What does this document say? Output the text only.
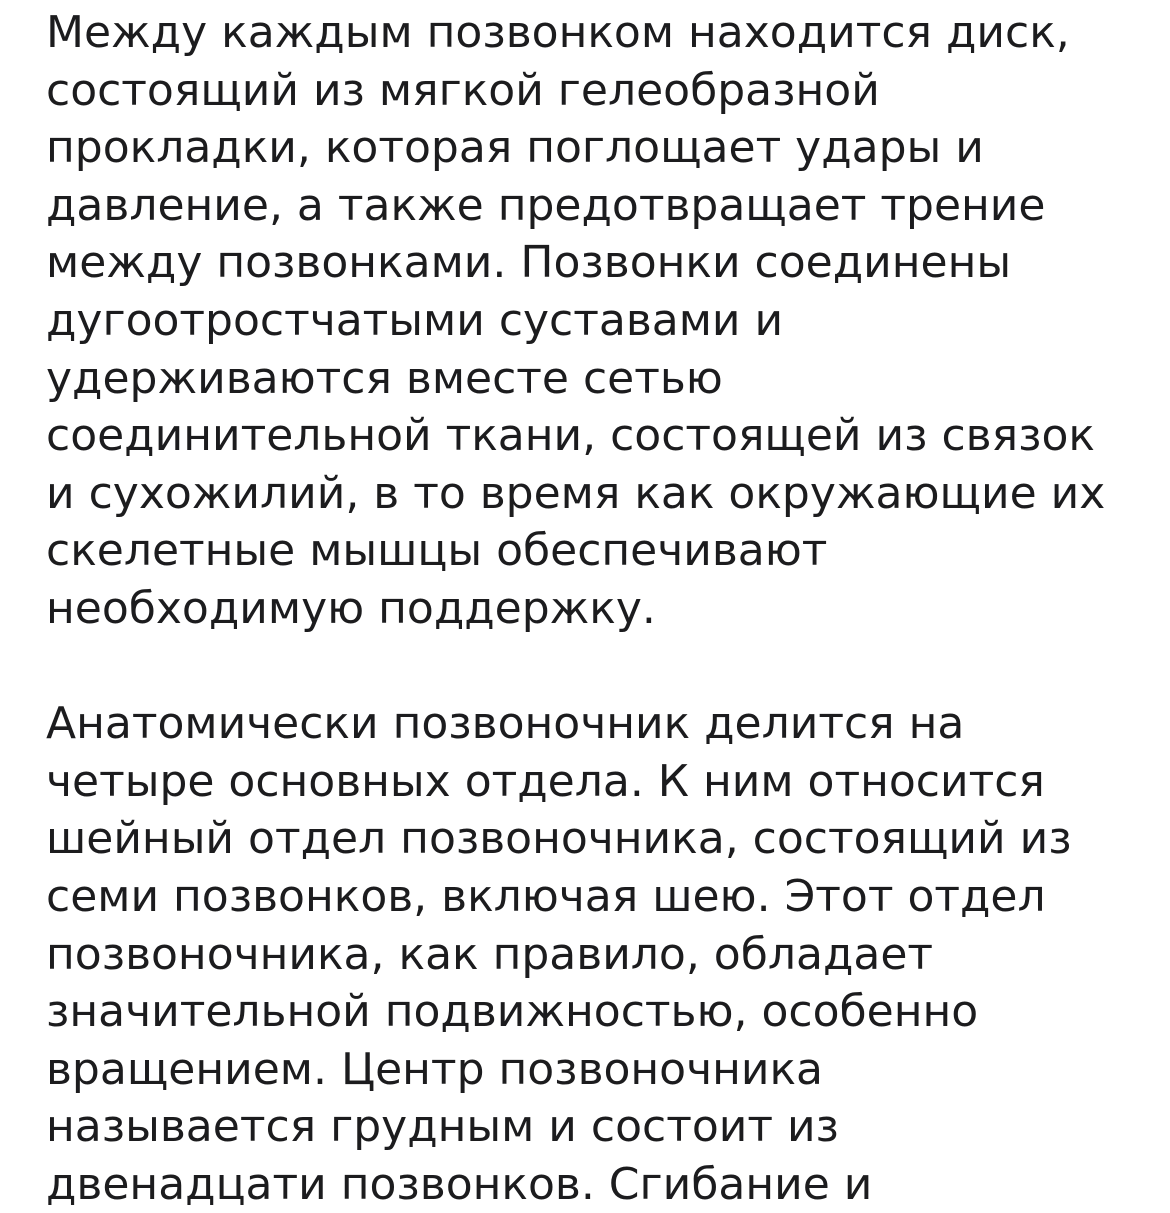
Между каждым позвонком находится диск,
состоящий из мягкой гелеобразной
прокладки, которая поглощает удары и
давление, а также предотвращает трение
между позвонками. Позвонки соединены
дугоотростчатыми суставами и
удерживаются вместе сетью
соединительной ткани, состоящей из связок
и сухожилий, в то время как окружающие их
скелетные мышцы обеспечивают
необходимую поддержку.
Анатомически позвоночник делится на
четыре основных отдела. К ним относится
шейный отдел позвоночника, состоящий из
семи позвонков, включая шею. Этот отдел
позвоночника, как правило, обладает
значительной подвижностью, особенно
вращением. Центр позвоночника
называется грудным и состоит из
двенадцати позвонков. Сгибание и
